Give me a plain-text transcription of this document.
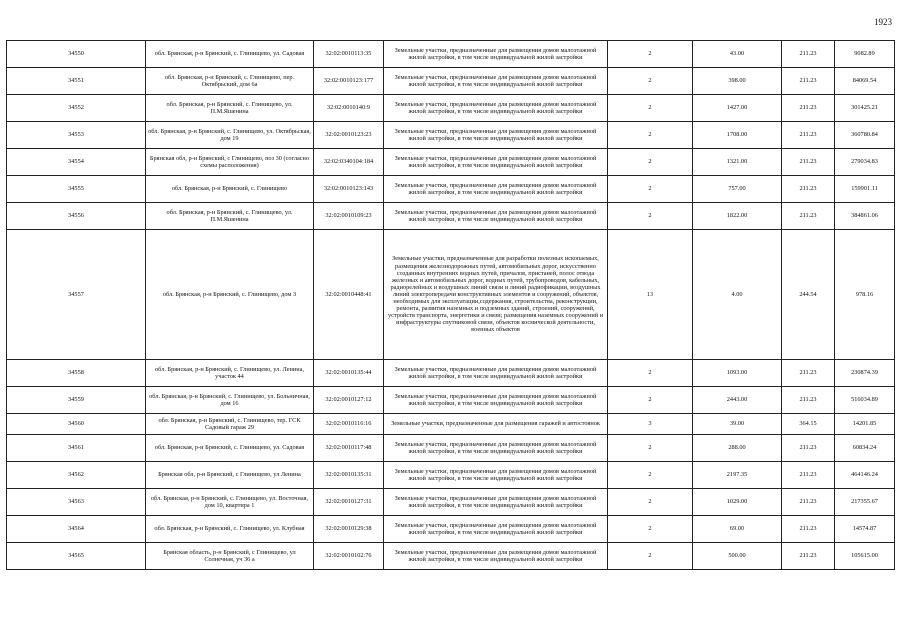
1923
34550	обл. Брянская, р-н Брянский, с. Глинищево, ул. Садовая	32:02:0010113:35	Земельные участки, предназначенные для размещения домов малоэтажной жилой застройки, в том числе индивидуальной жилой застройки	2	43.00	211.23	9082.89
34551	обл. Брянская, р-н Брянский, с. Глинищево, пер. Октябрьский, дом 6а	32:02:0010123:177	Земельные участки, предназначенные для размещения домов малоэтажной жилой застройки, в том числе индивидуальной жилой застройки	2	398.00	211.23	84069.54
34552	обл. Брянская, р-н Брянский, с. Глинищево, ул. П.М.Яшенина	32:02:0010140:9	Земельные участки, предназначенные для размещения домов малоэтажной жилой застройки, в том числе индивидуальной жилой застройки	2	1427.00	211.23	301425.21
34553	обл. Брянская, р-н Брянский, с. Глинищево, ул. Октябрьская, дом 19	32:02:0010123:23	Земельные участки, предназначенные для размещения домов малоэтажной жилой застройки, в том числе индивидуальной жилой застройки	2	1708.00	211.23	360780.84
34554	Брянская обл, р-н Брянский, с Глинищево, поз 30 (согласно схемы расположения)	32:02:0340104:184	Земельные участки, предназначенные для размещения домов малоэтажной жилой застройки, в том числе индивидуальной жилой застройки	2	1321.00	211.23	279034.83
34555	обл. Брянская, р-н Брянский, с. Глинищево	32:02:0010123:143	Земельные участки, предназначенные для размещения домов малоэтажной жилой застройки, в том числе индивидуальной жилой застройки	2	757.00	211.23	159901.11
34556	обл. Брянская, р-н Брянский, с. Глинищево, ул. П.М.Яшенина	32:02:0010109:23	Земельные участки, предназначенные для размещения домов малоэтажной жилой застройки, в том числе индивидуальной жилой застройки	2	1822.00	211.23	384861.06
34557	обл. Брянская, р-н Брянский, с. Глинищево, дом 3	32:02:0010448:41	Земельные участки, предназначенные для разработки полезных ископаемых, размещения железнодорожных путей, автомобильных дорог, искусственно созданных внутренних водных путей, причалов, пристаней, полос отвода железных и автомобильных дорог, водных путей, трубопроводов, кабельных, радиорелейных и воздушных линий связи и линий радиофикации, воздушных линий электропередачи конструктивных элементов и сооружений, объектов, необходимых для эксплуатации,содержания, строительства, реконструкции, ремонта, развития наземных и подземных зданий, строений, сооружений, устройств транспорта, энергетики и связи; размещения наземных сооружений и инфраструктуры спутниковой связи, объектов космической деятельности, военных объектов	13	4.00	244.54	978.16
34558	обл. Брянская, р-н Брянский, с. Глинищево, ул. Ленина, участок 44	32:02:0010135:44	Земельные участки, предназначенные для размещения домов малоэтажной жилой застройки, в том числе индивидуальной жилой застройки	2	1093.00	211.23	230874.39
34559	обл. Брянская, р-н Брянский, с. Глинищево, ул. Больничная, дом 16	32:02:0010127:12	Земельные участки, предназначенные для размещения домов малоэтажной жилой застройки, в том числе индивидуальной жилой застройки	2	2443.00	211.23	516034.89
34560	обл. Брянская, р-н Брянский, с. Глинищево, тер. ГСК Садовый гараж 29	32:02:0010116:16	Земельные участки, предназначенные для размещения гаражей и автостоянок	3	39.00	364.15	14201.85
34561	обл. Брянская, р-н Брянский, с. Глинищево, ул. Садовая	32:02:0010117:48	Земельные участки, предназначенные для размещения домов малоэтажной жилой застройки, в том числе индивидуальной жилой застройки	2	288.00	211.23	60834.24
34562	Брянская обл, р-н Брянский, с Глинищево, ул Ленина	32:02:0010135:31	Земельные участки, предназначенные для размещения домов малоэтажной жилой застройки, в том числе индивидуальной жилой застройки	2	2197.35	211.23	464146.24
34563	обл. Брянская, р-н Брянский, с. Глинищево, ул. Восточная, дом 10, квартира 1	32:02:0010127:31	Земельные участки, предназначенные для размещения домов малоэтажной жилой застройки, в том числе индивидуальной жилой застройки	2	1029.00	211.23	217355.67
34564	обл. Брянская, р-н Брянский, с. Глинищево, ул. Клубная	32:02:0010129:38	Земельные участки, предназначенные для размещения домов малоэтажной жилой застройки, в том числе индивидуальной жилой застройки	2	69.00	211.23	14574.87
34565	Брянская область, р-н Брянский, с Глинищево, ул Солнечная, уч 36 а	32:02:0010102:76	Земельные участки, предназначенные для размещения домов малоэтажной жилой застройки, в том числе индивидуальной жилой застройки	2	500.00	211.23	105615.00
